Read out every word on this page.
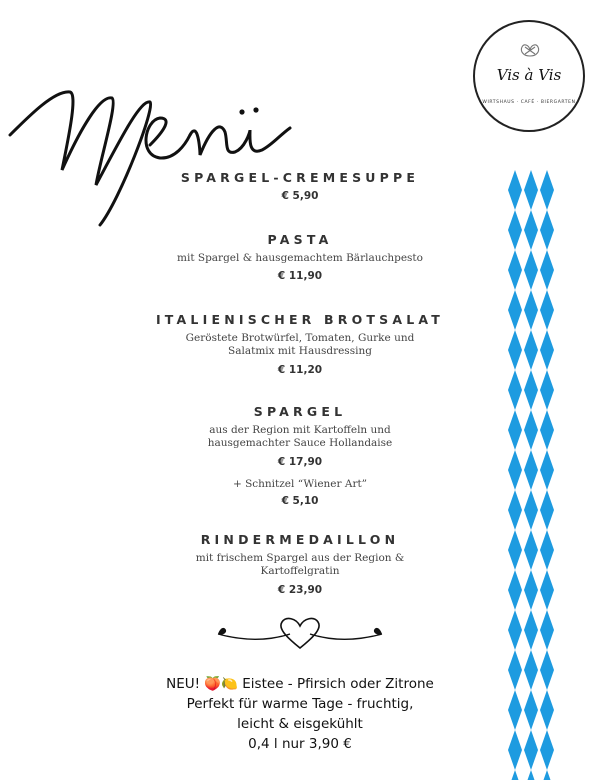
Vis à Vis
WIRTSHAUS · CAFÉ · BIERGARTEN
SPARGEL-CREMESUPPE
€ 5,90
PASTA
mit Spargel & hausgemachtem Bärlauchpesto
€ 11,90
ITALIENISCHER BROTSALAT
Geröstete Brotwürfel, Tomaten, Gurke und
Salatmix mit Hausdressing
€ 11,20
SPARGEL
aus der Region mit Kartoffeln und
hausgemachter Sauce Hollandaise
€ 17,90
+ Schnitzel “Wiener Art”
€ 5,10
RINDERMEDAILLON
mit frischem Spargel aus der Region &
Kartoffelgratin
€ 23,90
NEU! 🍑🍋 Eistee - Pfirsich oder Zitrone
Perfekt für warme Tage - fruchtig,
leicht & eisgekühlt
0,4 l nur 3,90 €
